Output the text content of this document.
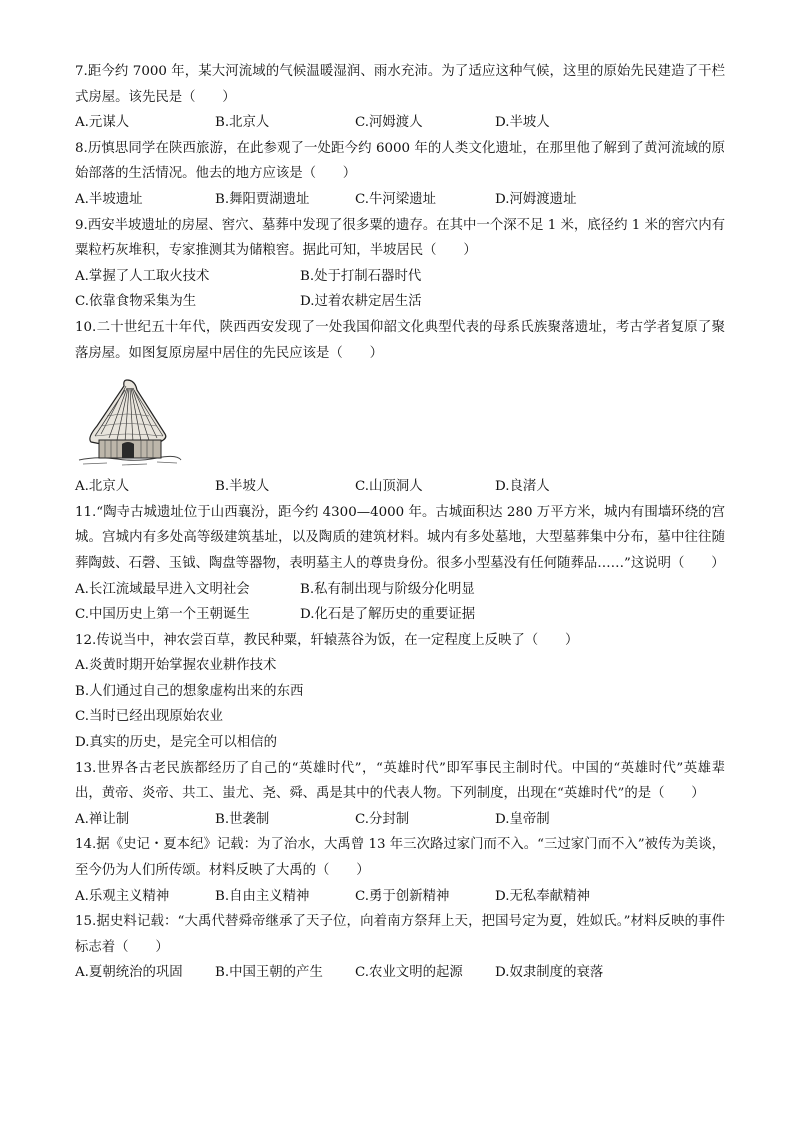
7.距今约 7000 年，某大河流域的气候温暖湿润、雨水充沛。为了适应这种气候，这里的原始先民建造了干栏式房屋。该先民是（　　）

A.元谋人	B.北京人	C.河姆渡人	D.半坡人

8.历慎思同学在陕西旅游，在此参观了一处距今约 6000 年的人类文化遗址，在那里他了解到了黄河流域的原始部落的生活情况。他去的地方应该是（　　）

A.半坡遗址	B.舞阳贾湖遗址	C.牛河梁遗址	D.河姆渡遗址

9.西安半坡遗址的房屋、窖穴、墓葬中发现了很多粟的遗存。在其中一个深不足 1 米，底径约 1 米的窖穴内有粟粒朽灰堆积，专家推测其为储粮窖。据此可知，半坡居民（　　）

A.掌握了人工取火技术	B.处于打制石器时代
C.依靠食物采集为生	D.过着农耕定居生活

10.二十世纪五十年代，陕西西安发现了一处我国仰韶文化典型代表的母系氏族聚落遗址，考古学者复原了聚落房屋。如图复原房屋中居住的先民应该是（　　）

A.北京人	B.半坡人	C.山顶洞人	D.良渚人

11.“陶寺古城遗址位于山西襄汾，距今约 4300—4000 年。古城面积达 280 万平方米，城内有围墙环绕的宫城。宫城内有多处高等级建筑基址，以及陶质的建筑材料。城内有多处墓地，大型墓葬集中分布，墓中往往随葬陶鼓、石磬、玉钺、陶盘等器物，表明墓主人的尊贵身份。很多小型墓没有任何随葬品……”这说明（　　）

A.长江流域最早进入文明社会	B.私有制出现与阶级分化明显
C.中国历史上第一个王朝诞生	D.化石是了解历史的重要证据

12.传说当中，神农尝百草，教民种粟，轩辕蒸谷为饭，在一定程度上反映了（　　）

A.炎黄时期开始掌握农业耕作技术
B.人们通过自己的想象虚构出来的东西
C.当时已经出现原始农业
D.真实的历史，是完全可以相信的

13.世界各古老民族都经历了自己的“英雄时代”，“英雄时代”即军事民主制时代。中国的“英雄时代”英雄辈出，黄帝、炎帝、共工、蚩尤、尧、舜、禹是其中的代表人物。下列制度，出现在“英雄时代”的是（　　）

A.禅让制	B.世袭制	C.分封制	D.皇帝制

14.据《史记・夏本纪》记载：为了治水，大禹曾 13 年三次路过家门而不入。“三过家门而不入”被传为美谈，至今仍为人们所传颂。材料反映了大禹的（　　）

A.乐观主义精神	B.自由主义精神	C.勇于创新精神	D.无私奉献精神

15.据史料记载：“大禹代替舜帝继承了天子位，向着南方祭拜上天，把国号定为夏，姓姒氏。”材料反映的事件标志着（　　）

A.夏朝统治的巩固	B.中国王朝的产生	C.农业文明的起源	D.奴隶制度的衰落
